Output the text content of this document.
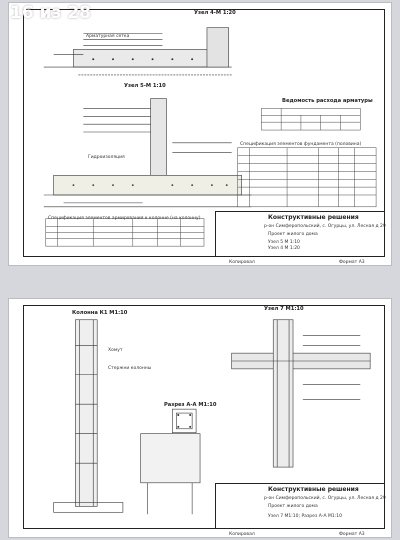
16 из 28	Узел 4-М 1:20
Узел 5-М 1:10
Ведомость расхода арматуры
Спецификация элементов фундамента (половина)
Спецификация элементов армирования к колонне (на колонну)
Гидроизоляция
Арматурная сетка
Конструктивные решения
р-он Симферопольский, с. Огурцы, ул. Лесная д 29
Проект жилого дома
Узел 5 М 1:10
Узел 4 М 1:20
Формат А3
Копировал
Колонна К1 М1:10
Узел 7 М1:10
Разрез А-А М1:10
Хомут
Стержни колонны
Конструктивные решения
р-он Симферопольский, с. Огурцы, ул. Лесная д 29
Проект жилого дома
Узел 7 М1:10; Разрез А-А М1:10
Формат А3
Копировал
